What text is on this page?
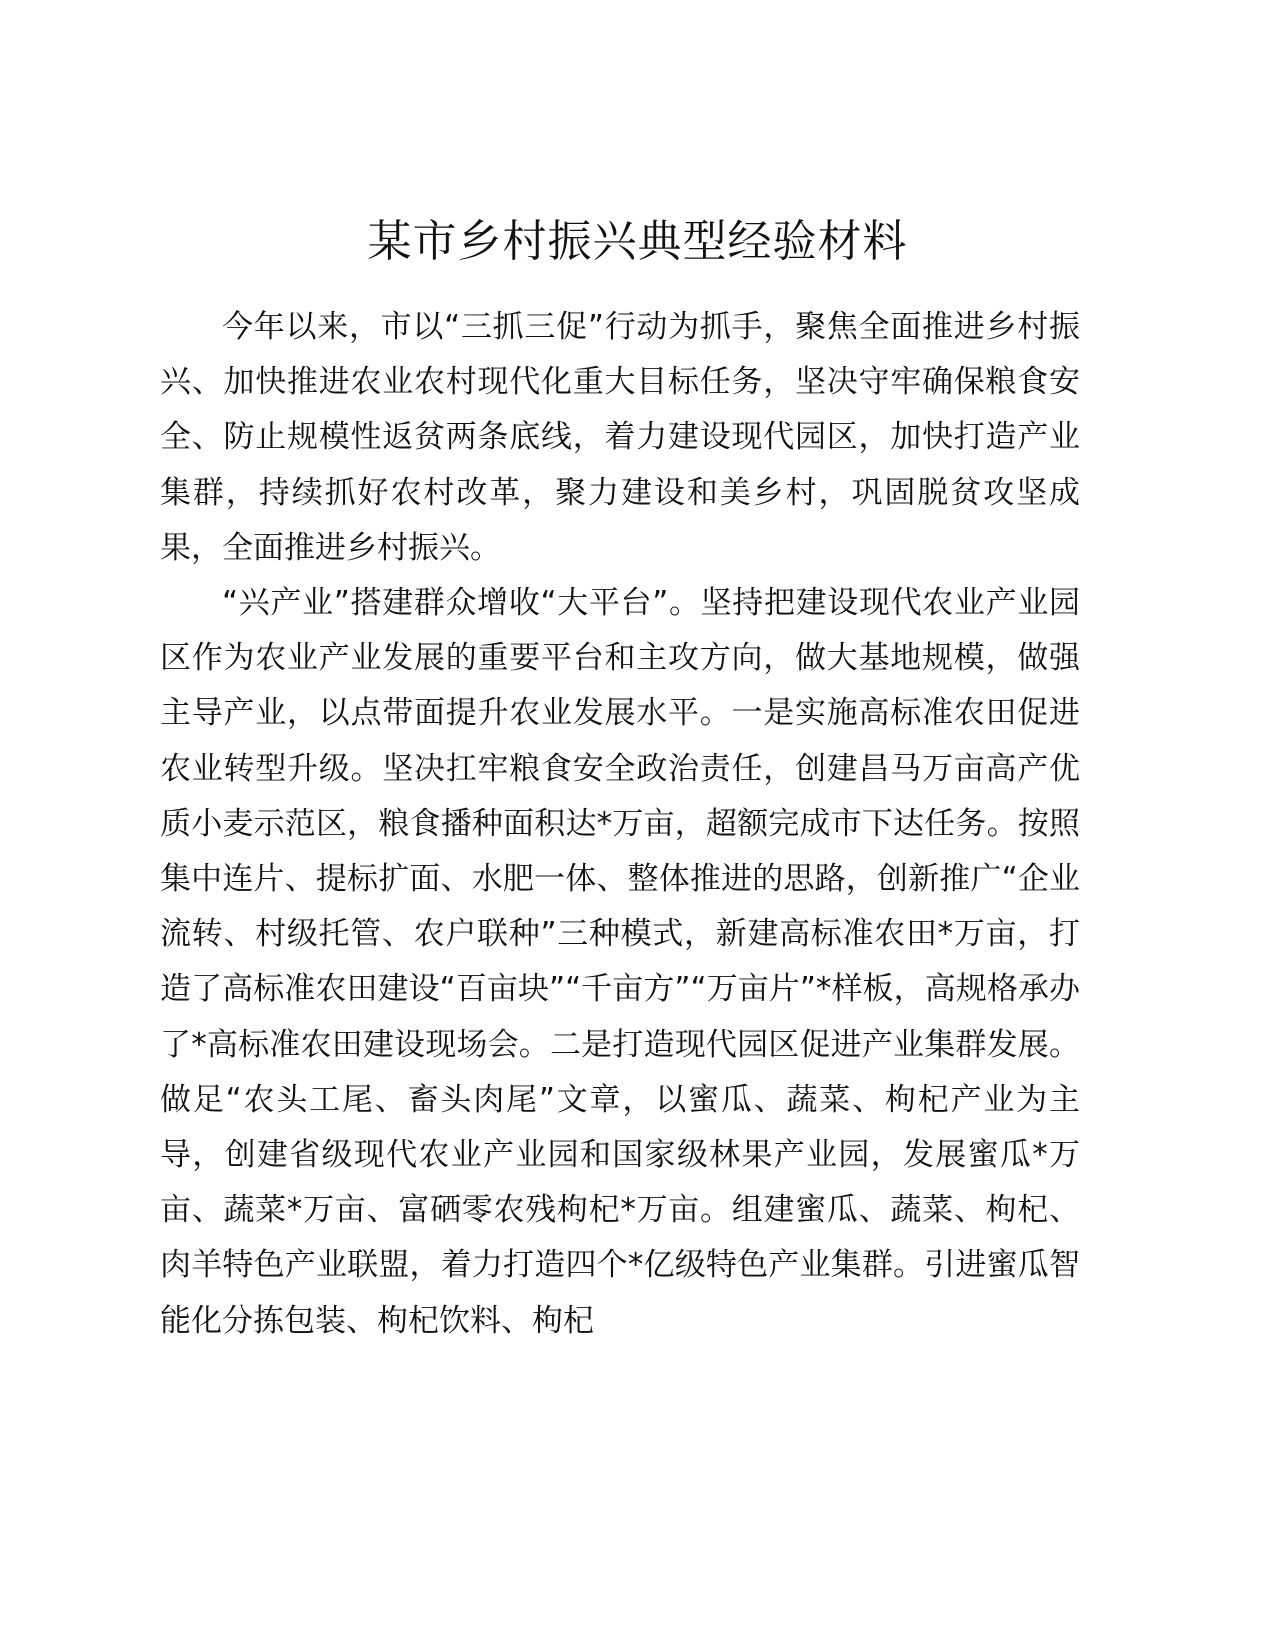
某市乡村振兴典型经验材料

今年以来，市以“三抓三促”行动为抓手，聚焦全面推进乡村振兴、加快推进农业农村现代化重大目标任务，坚决守牢确保粮食安全、防止规模性返贫两条底线，着力建设现代园区，加快打造产业集群，持续抓好农村改革，聚力建设和美乡村，巩固脱贫攻坚成果，全面推进乡村振兴。

“兴产业”搭建群众增收“大平台”。坚持把建设现代农业产业园区作为农业产业发展的重要平台和主攻方向，做大基地规模，做强主导产业，以点带面提升农业发展水平。一是实施高标准农田促进农业转型升级。坚决扛牢粮食安全政治责任，创建昌马万亩高产优质小麦示范区，粮食播种面积达*万亩，超额完成市下达任务。按照集中连片、提标扩面、水肥一体、整体推进的思路，创新推广“企业流转、村级托管、农户联种”三种模式，新建高标准农田*万亩，打造了高标准农田建设“百亩块”“千亩方”“万亩片”*样板，高规格承办了*高标准农田建设现场会。二是打造现代园区促进产业集群发展。做足“农头工尾、畜头肉尾”文章，以蜜瓜、蔬菜、枸杞产业为主导，创建省级现代农业产业园和国家级林果产业园，发展蜜瓜*万亩、蔬菜*万亩、富硒零农残枸杞*万亩。组建蜜瓜、蔬菜、枸杞、肉羊特色产业联盟，着力打造四个*亿级特色产业集群。引进蜜瓜智能化分拣包装、枸杞饮料、枸杞
